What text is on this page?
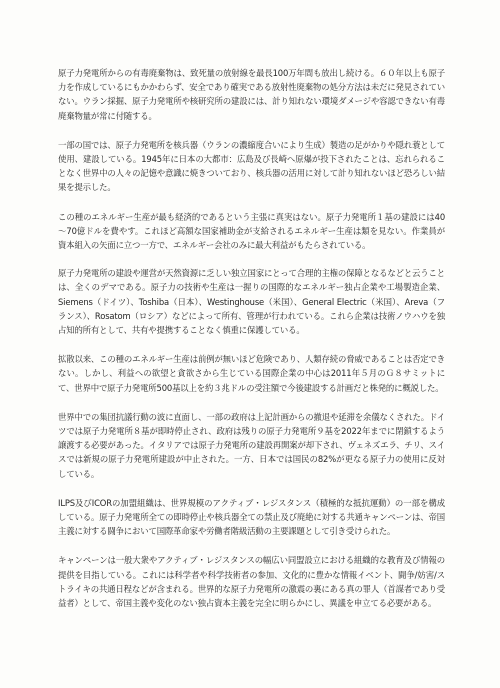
原子力発電所からの有毒廃棄物は、致死量の放射線を最長100万年間も放出し続ける。６０年以上も原子力を作成しているにもかかわらず、安全であり確実である放射性廃棄物の処分方法は未だに発見されていない。ウラン採掘、原子力発電所や核研究所の建設には、計り知れない環境ダメージや容認できない有毒廃棄物量が常に付随する。

一部の国では、原子力発電所を核兵器（ウランの濃縮度合いにより生成）製造の足がかりや隠れ蓑として使用、建設している。1945年に日本の大都市：広島及び長崎へ原爆が投下されたことは、忘れられることなく世界中の人々の記憶や意識に焼きついており、核兵器の活用に対して計り知れないほど恐ろしい結果を提示した。

この種のエネルギー生産が最も経済的であるという主張に真実はない。原子力発電所１基の建設には40～70億ドルを費やす。これほど高額な国家補助金が支給されるエネルギー生産は類を見ない。作業員が資本組入の矢面に立つ一方で、エネルギー会社のみに最大利益がもたらされている。

原子力発電所の建設や運営が天然資源に乏しい独立国家にとって合理的主権の保障となるなどと云うことは、全くのデマである。原子力の技術や生産は一握りの国際的なエネルギー独占企業や工場製造企業、Siemens（ドイツ）、Toshiba（日本）、Westinghouse（米国）、General Electric（米国）、Areva（フランス）、Rosatom（ロシア）などによって所有、管理が行われている。これら企業は技術ノウハウを独占知的所有として、共有や提携することなく慎重に保護している。

拡散以来、この種のエネルギー生産は前例が無いほど危険であり、人類存続の脅威であることは否定できない。しかし、利益への欲望と貪欲さから生じている国際企業の中心は2011年５月のＧ８サミットにて、世界中で原子力発電所500基以上を約３兆ドルの受注額で今後建設する計画だと株発的に概説した。

世界中での集団抗議行動の波に直面し、一部の政府は上記計画からの撤退や延滞を余儀なくされた。ドイツでは原子力発電所８基が即時停止され、政府は残りの原子力発電所９基を2022年までに閉鎖するよう譲渡する必要があった。イタリアでは原子力発電所の建設再開案が却下され、ヴェネズエラ、チリ、スイスでは新規の原子力発電所建設が中止された。一方、日本では国民の82%が更なる原子力の使用に反対している。

ILPS及びICORの加盟組織は、世界規模のアクティブ・レジスタンス（積極的な抵抗運動）の一部を構成している。原子力発電所全ての即時停止や核兵器全ての禁止及び廃絶に対する共通キャンペーンは、帝国主義に対する闘争において国際革命家や労働者階級活動の主要課題として引き受けられた。

キャンペーンは一般大衆やアクティブ・レジスタンスの幅広い同盟設立における組織的な教育及び情報の提供を目指している。これには科学者や科学技術者の参加、文化的に豊かな情報イベント、闘争/妨害/ストライキの共通日程などが含まれる。世界的な原子力発電所の激震の裏にある真の罪人（首謀者であり受益者）として、帝国主義や変化のない独占資本主義を完全に明らかにし、異議を申立てる必要がある。
